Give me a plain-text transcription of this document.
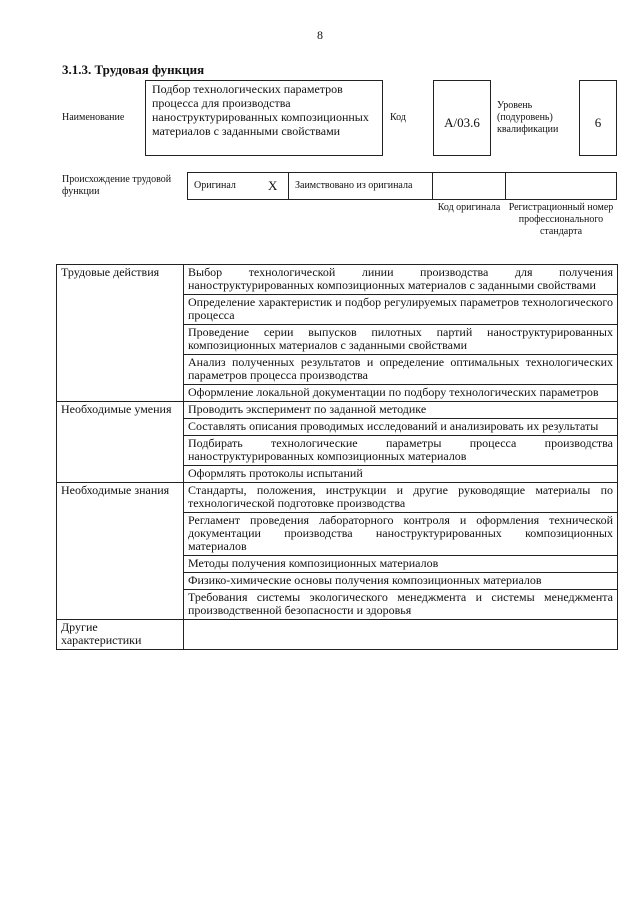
8
3.1.3. Трудовая функция
Наименование
Подбор технологических параметров процесса для производства наноструктурированных композиционных материалов с заданными свойствами
Код	А/03.6
Уровень (подуровень) квалификации	6
Происхождение трудовой функции
Оригинал X	Заимствовано из оригинала
Код оригинала Регистрационный номер профессионального стандарта
Трудовые действия	Выбор технологической линии производства для получения наноструктурированных композиционных материалов с заданными свойствами
	Определение характеристик и подбор регулируемых параметров технологического процесса
	Проведение серии выпусков пилотных партий наноструктурированных композиционных материалов с заданными свойствами
	Анализ полученных результатов и определение оптимальных технологических параметров процесса производства
	Оформление локальной документации по подбору технологических параметров
Необходимые умения	Проводить эксперимент по заданной методике
	Составлять описания проводимых исследований и анализировать их результаты
	Подбирать технологические параметры процесса производства наноструктурированных композиционных материалов
	Оформлять протоколы испытаний
Необходимые знания	Стандарты, положения, инструкции и другие руководящие материалы по технологической подготовке производства
	Регламент проведения лабораторного контроля и оформления технической документации производства наноструктурированных композиционных материалов
	Методы получения композиционных материалов
	Физико-химические основы получения композиционных материалов
	Требования системы экологического менеджмента и системы менеджмента производственной безопасности и здоровья
Другие характеристики	
